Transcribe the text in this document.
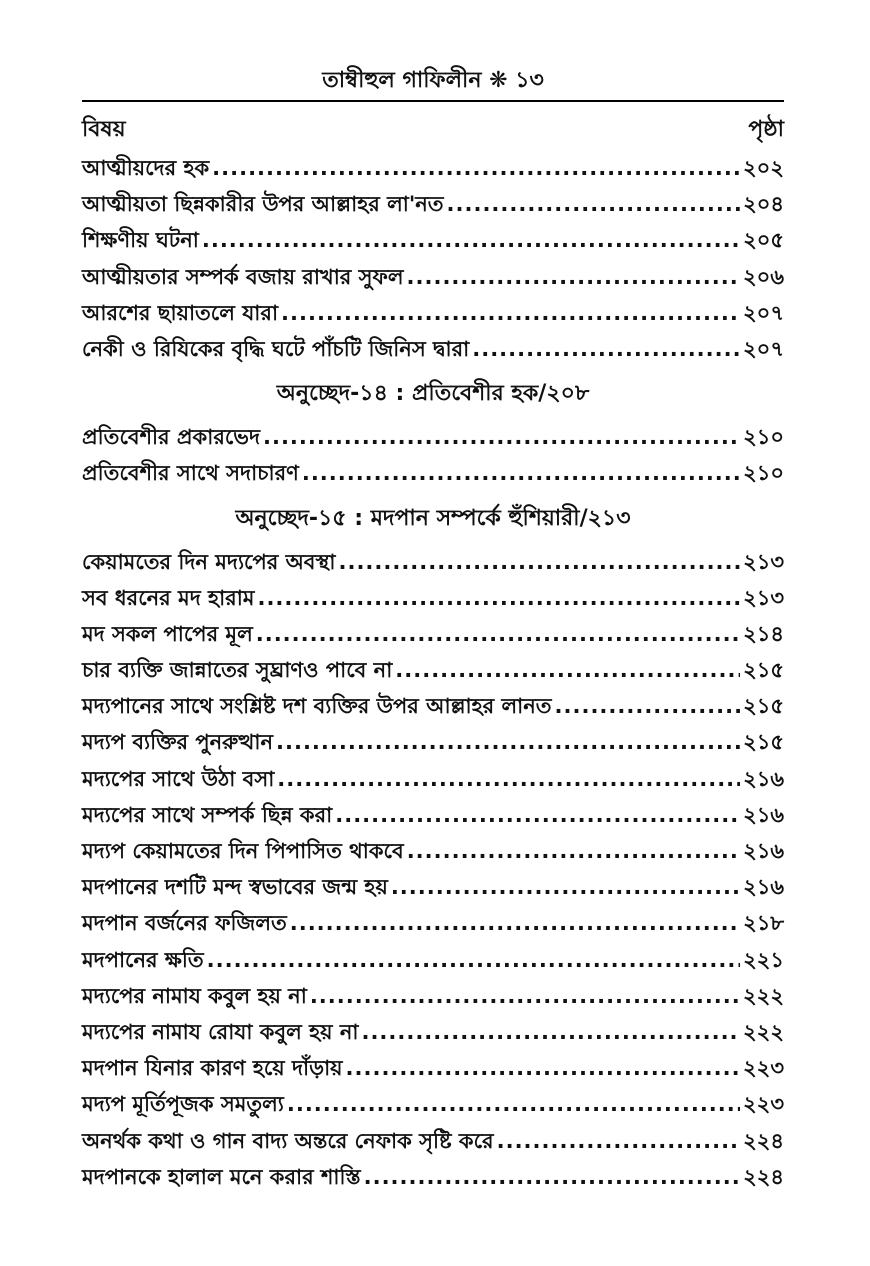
তাম্বীহুল গাফিলীন ❋ ১৩
বিষয়	পৃষ্ঠা
আত্মীয়দের হক .....	২০২
আত্মীয়তা ছিন্নকারীর উপর আল্লাহর লা'নত .....	২০৪
শিক্ষণীয় ঘটনা .....	২০৫
আত্মীয়তার সম্পর্ক বজায় রাখার সুফল .....	২০৬
আরশের ছায়াতলে যারা .....	২০৭
নেকী ও রিযিকের বৃদ্ধি ঘটে পাঁচটি জিনিস দ্বারা .....	২০৭
অনুচ্ছেদ-১৪ : প্রতিবেশীর হক/২০৮
প্রতিবেশীর প্রকারভেদ .....	২১০
প্রতিবেশীর সাথে সদাচারণ .....	২১০
অনুচ্ছেদ-১৫ : মদপান সম্পর্কে হুঁশিয়ারী/২১৩
কেয়ামতের দিন মদ্যপের অবস্থা .....	২১৩
সব ধরনের মদ হারাম .....	২১৩
মদ সকল পাপের মূল .....	২১৪
চার ব্যক্তি জান্নাতের সুঘ্রাণও পাবে না .....	২১৫
মদ্যপানের সাথে সংশ্লিষ্ট দশ ব্যক্তির উপর আল্লাহর লানত .....	২১৫
মদ্যপ ব্যক্তির পুনরুত্থান .....	২১৫
মদ্যপের সাথে উঠা বসা .....	২১৬
মদ্যপের সাথে সম্পর্ক ছিন্ন করা .....	২১৬
মদ্যপ কেয়ামতের দিন পিপাসিত থাকবে .....	২১৬
মদপানের দশটি মন্দ স্বভাবের জন্ম হয় .....	২১৬
মদপান বর্জনের ফজিলত .....	২১৮
মদপানের ক্ষতি .....	২২১
মদ্যপের নামায কবুল হয় না .....	২২২
মদ্যপের নামায রোযা কবুল হয় না .....	২২২
মদপান যিনার কারণ হয়ে দাঁড়ায় .....	২২৩
মদ্যপ মূর্তিপূজক সমতুল্য .....	২২৩
অনর্থক কথা ও গান বাদ্য অন্তরে নেফাক সৃষ্টি করে .....	২২৪
মদপানকে হালাল মনে করার শাস্তি .....	২২৪
